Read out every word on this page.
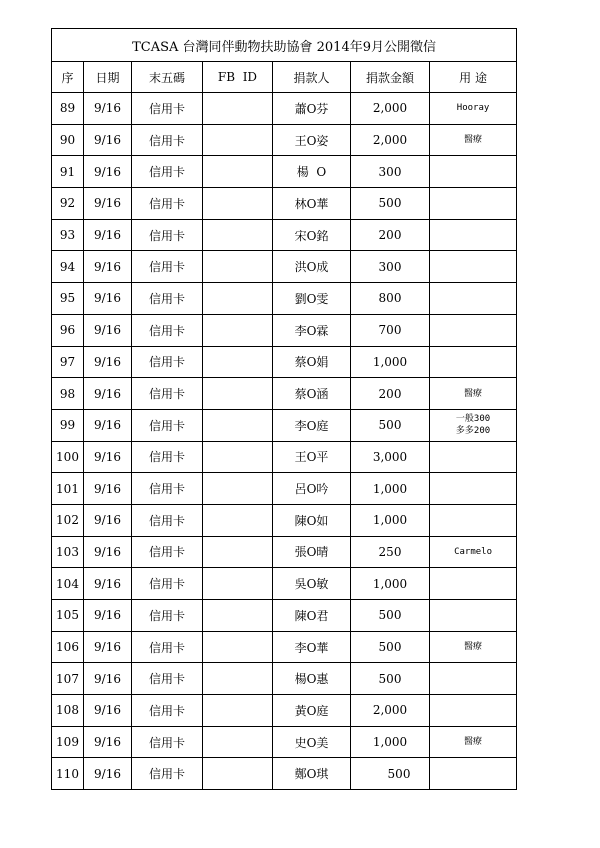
TCASA 台灣同伴動物扶助協會 2014年9月公開徵信						
序	日期	末五碼	FB  ID	捐款人	捐款金額	用 途
89	9/16	信用卡		蕭O芬	2,000	Hooray

90	9/16	信用卡		王O姿	2,000	醫療

91	9/16	信用卡		楊  O	300	

92	9/16	信用卡		林O華	500	

93	9/16	信用卡		宋O銘	200	

94	9/16	信用卡		洪O成	300	

95	9/16	信用卡		劉O雯	800	

96	9/16	信用卡		李O霖	700	

97	9/16	信用卡		蔡O娟	1,000	

98	9/16	信用卡		蔡O涵	200	醫療

99	9/16	信用卡		李O庭	500	一般300
多多200

100	9/16	信用卡		王O平	3,000	

101	9/16	信用卡		呂O吟	1,000	

102	9/16	信用卡		陳O如	1,000	

103	9/16	信用卡		張O晴	250	Carmelo

104	9/16	信用卡		吳O敏	1,000	

105	9/16	信用卡		陳O君	500	

106	9/16	信用卡		李O華	500	醫療

107	9/16	信用卡		楊O惠	500	

108	9/16	信用卡		黃O庭	2,000	

109	9/16	信用卡		史O美	1,000	醫療

110	9/16	信用卡		鄭O琪	500	
